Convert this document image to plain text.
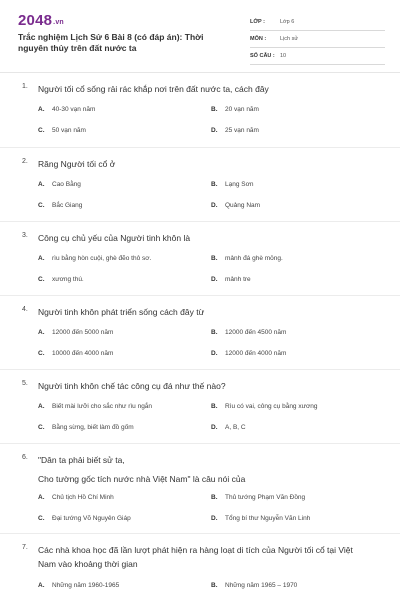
2048.vn
Trắc nghiệm Lịch Sử 6 Bài 8 (có đáp án): Thời nguyên thủy trên đất nước ta
LỚP :	Lớp 6
MÔN :	Lịch sử
SỐ CÂU : 10
1.	Người tối cổ sống rải rác khắp nơi trên đất nước ta, cách đây
A.	40-30 vạn năm	B.	20 vạn năm
C.	50 vạn năm	D.	25 vạn năm
2.	Răng Người tối cổ ở
A.	Cao Bằng	B.	Lạng Sơn
C.	Bắc Giang	D.	Quảng Nam
3.	Công cụ chủ yếu của Người tinh khôn là
A.	rìu bằng hòn cuội, ghè đẽo thô sơ.	B.	mảnh đá ghè mỏng.
C.	xương thú.	D.	mảnh tre
4.	Người tinh khôn phát triển sống cách đây từ
A.	12000 đến 5000 năm	B.	12000 đến 4500 năm
C.	10000 đến 4000 năm	D.	12000 đến 4000 năm
5.	Người tinh khôn chế tác công cụ đá như thế nào?
A.	Biết mài lưỡi cho sắc như rìu ngắn	B.	Rìu có vai, công cụ bằng xương
C.	Bằng sừng, biết làm đồ gốm	D.	A, B, C
6.	"Dân ta phải biết sử ta,
Cho tường gốc tích nước nhà Việt Nam" là câu nói của
A.	Chủ tịch Hồ Chí Minh	B.	Thủ tướng Phạm Văn Đồng
C.	Đại tướng Võ Nguyên Giáp	D.	Tổng bí thư Nguyễn Văn Linh
7.	Các nhà khoa học đã lần lượt phát hiện ra hàng loạt di tích của Người tối cổ tại Việt Nam vào khoảng thời gian
A.	Những năm 1960-1965	B.	Những năm 1965 – 1970
